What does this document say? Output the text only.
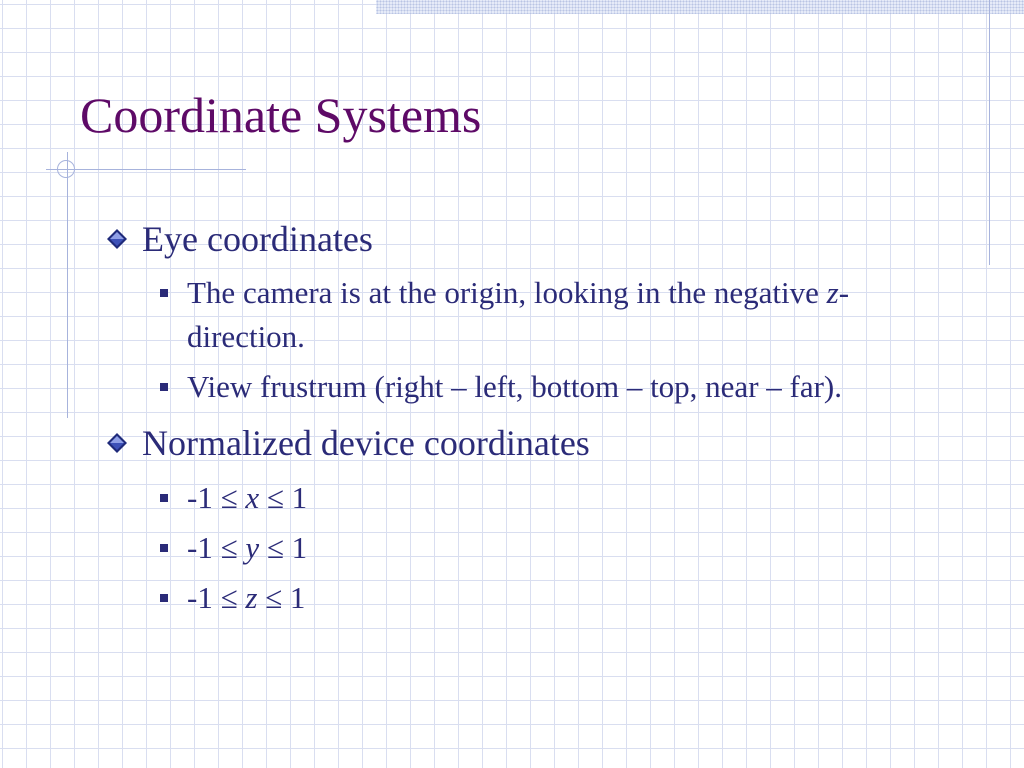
Coordinate Systems
Eye coordinates
The camera is at the origin, looking in the negative z-direction.
View frustrum (right – left, bottom – top, near – far).
Normalized device coordinates
-1 ≤ x ≤ 1
-1 ≤ y ≤ 1
-1 ≤ z ≤ 1
